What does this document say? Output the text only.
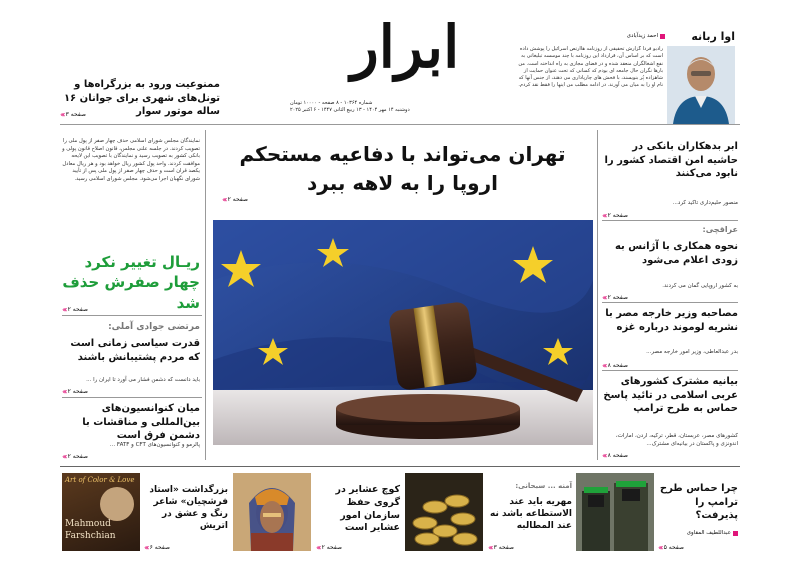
ابرار
شماره ۱۰۳۶۴ - ۸ صفحه - ۱۰۰۰۰ تومان
دوشنبه ۱۴ مهر ۱۴۰۴ - ۱۳ ربیع الثانی ۱۴۴۷ - ۶ اکتبر ۲۰۲۵
اوا ربانه
احمد زیدآبادی
رادیو فردا گزارش تحقیقی از روزنامه هاآرتص اسرائیل را پوشش داده است که بر اساس آن، قرارداد این روزنامه با چند موسسه تبلیغاتی به نفع اشغالگران منعقد شده و در فضای مجازی به راه انداخته است. من بارها نگران حال جامعه ای بودم که کسانی که تحت عنوان حمایت از شاهزاده پُر بنویسند، با فحش های چارپاداری می دهند، از جنس آنها که نام او را به میان می آورند. در ادامه مطلب من اینها را فقط نقد کردم.
ممنوعیت ورود به بزرگراه‌ها و تونل‌های شهری برای جوانان ۱۶ ساله موتور سوار
صفحه ۳
›››
تهران می‌تواند با دفاعیه مستحکم
اروپا را به لاهه ببرد
صفحه ۲
›››
نمایندگان مجلس شورای اسلامی حذف چهار صفر از پول ملی را تصویب کردند. در جلسه علنی مجلس، قانون اصلاح قانون پولی و بانکی کشور به تصویب رسید و نمایندگان با تصویب این لایحه موافقت کردند. واحد پول کشور ریال خواهد بود و هر ریال معادل یکصد قران است و حذف چهار صفر از پول ملی پس از تأیید شورای نگهبان اجرا می‌شود. مجلس شورای اسلامی رسید.
ریـال تغییر نکرد
چهار صفرش حذف شد
صفحه ۲
›››
مرتضی جوادی آملی:
قدرت سیاسی زمانی است که مردم پشتیبانش باشند
باید دانست که دشمن فشار می آورد تا ایران را ...
صفحه ۲
›››
میان کنوانسیون‌های بین‌المللی و مناقشات با دشمن فرق است
پالرمو و کنوانسیون‌های CFT و FATF ...
صفحه ۲
›››
ابر بدهکاران بانکی در حاشیه امن اقتصاد کشور را نابود می‌کنند
منصور حلیم‌داری تاکید کرد...
صفحه ۲
›››
عراقچی:
نحوه همکاری با آژانس به زودی اعلام می‌شود
به کشور اروپایی گمان می کردند.
صفحه ۲
›››
مصاحبه وزیر خارجه مصر با نشریه لوموند درباره غزه
بدر عبدالعاطی، وزیر امور خارجه مصر...
صفحه ۸
›››
بیانیه مشترک کشورهای عربی اسلامی در تائید پاسخ حماس به طرح ترامپ
کشورهای مصر، عربستان، قطر، ترکیه، اردن، امارات، اندونزی و پاکستان در بیانیه‌ای مشترک...
صفحه ۸
›››
چرا حماس طرح ترامپ را پذیرفت؟
عبداللطیف المقاوی
صفحه ۵
›››
آمنه ... سبحانی:
مهریه باید عند الاستطاعه باشد نه عند المطالبه
صفحه ۳
›››
کوچ عشایر در گروی حفظ سازمان امور عشایر است
صفحه ۲
›››
Art of Color & Love
Mahmoud
Farshchian
بزرگداشت «استاد فرشچیان» شاعر رنگ و عشق در اتریش
صفحه ۶
›››
